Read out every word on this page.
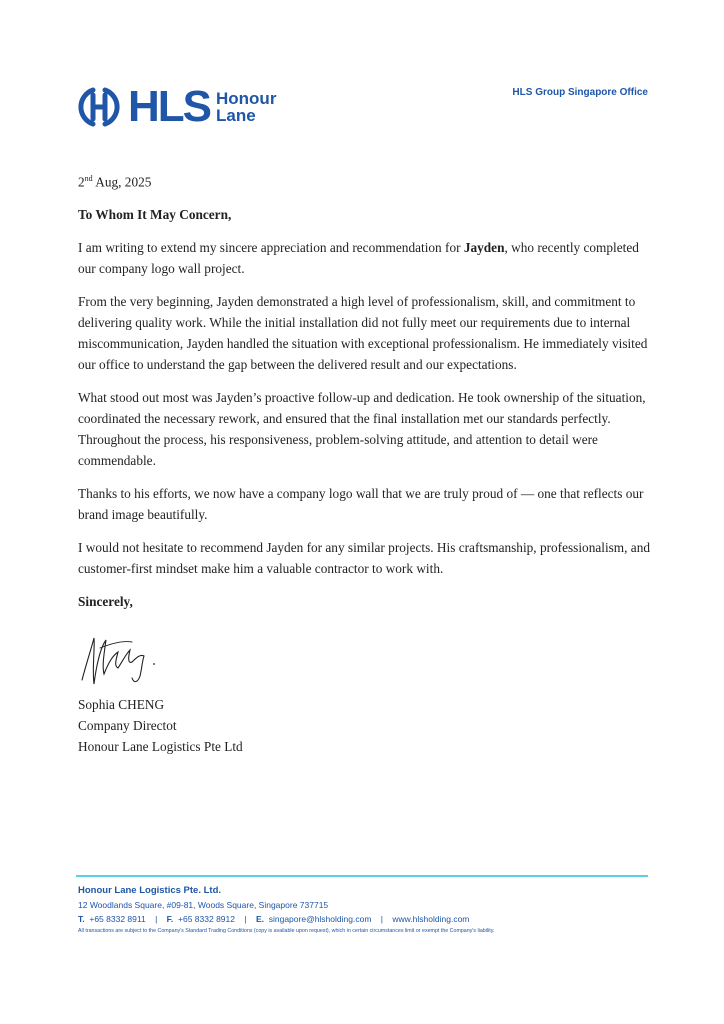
HLS Honour
Lane
HLS Group Singapore Office

2nd Aug, 2025

To Whom It May Concern,

I am writing to extend my sincere appreciation and recommendation for Jayden, who recently completed our company logo wall project.

From the very beginning, Jayden demonstrated a high level of professionalism, skill, and commitment to delivering quality work. While the initial installation did not fully meet our requirements due to internal miscommunication, Jayden handled the situation with exceptional professionalism. He immediately visited our office to understand the gap between the delivered result and our expectations.

What stood out most was Jayden’s proactive follow-up and dedication. He took ownership of the situation, coordinated the necessary rework, and ensured that the final installation met our standards perfectly. Throughout the process, his responsiveness, problem-solving attitude, and attention to detail were commendable.

Thanks to his efforts, we now have a company logo wall that we are truly proud of — one that reflects our brand image beautifully.

I would not hesitate to recommend Jayden for any similar projects. His craftsmanship, professionalism, and customer-first mindset make him a valuable contractor to work with.

Sincerely,

Sophia CHENG
Company Directot
Honour Lane Logistics Pte Ltd
Honour Lane Logistics Pte. Ltd.
12 Woodlands Square, #09-81, Woods Square, Singapore 737715
T. +65 8332 8911 | F. +65 8332 8912 | E. singapore@hlsholding.com | www.hlsholding.com
All transactions are subject to the Company's Standard Trading Conditions (copy is available upon request), which in certain circumstances limit or exempt the Company's liability.
